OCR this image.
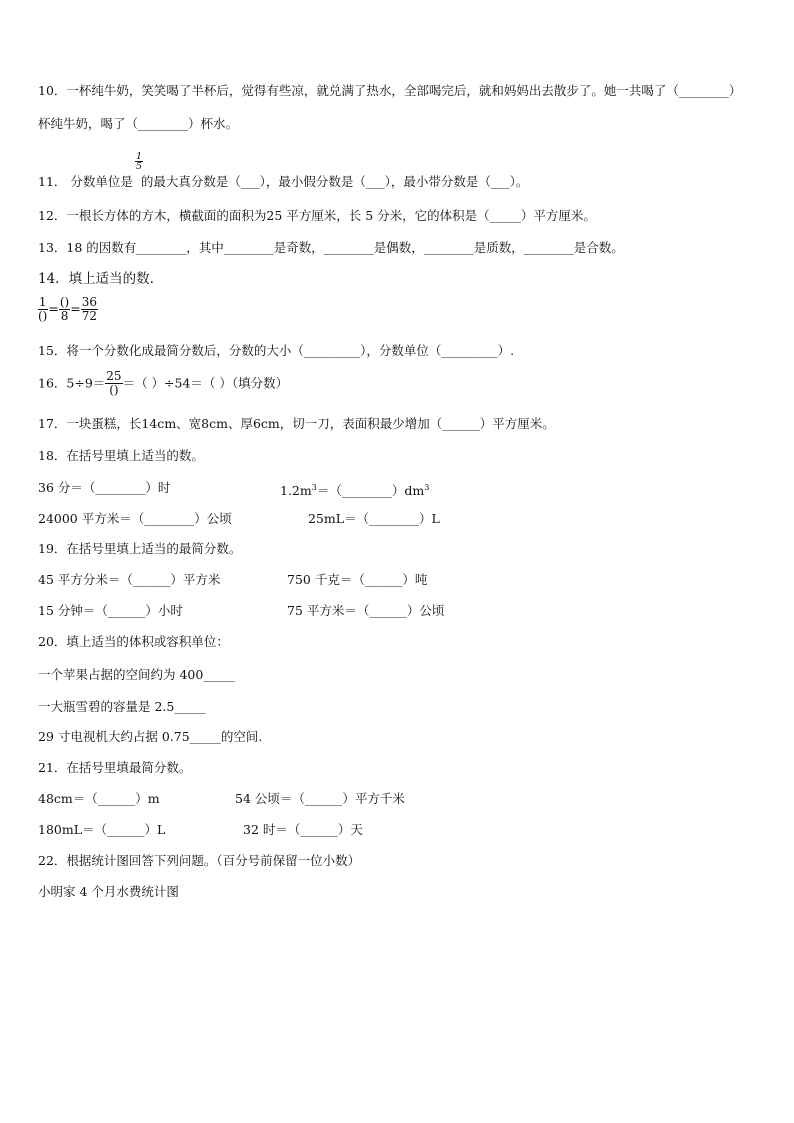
10．一杯纯牛奶，笑笑喝了半杯后，觉得有些凉，就兑满了热水，全部喝完后，就和妈妈出去散步了。她一共喝了（________）
杯纯牛奶，喝了（________）杯水。
$\frac{1}{5}$
11． 分数单位是 的最大真分数是（___），最小假分数是（___），最小带分数是（___）。
12．一根长方体的方木，横截面的面积为25 平方厘米，长 5 分米，它的体积是（_____）平方厘米。
13．18 的因数有________，其中________是奇数，________是偶数，________是质数，________是合数。
14．填上适当的数.
$\frac{1}{()} = \frac{()}{8} = \frac{36}{72}$
15．将一个分数化成最简分数后，分数的大小（_________），分数单位（_________）.
16．$5\div 9= \frac{25}{()}$ ＝（ ）÷54＝（ ）（填分数）
17．一块蛋糕，长14cm、宽8cm、厚6cm，切一刀，表面积最少增加（______）平方厘米。
18．在括号里填上适当的数。
36 分＝（________）时	$1.2m^3=(\_\_\_\_\_\_\_\_)dm^3$
24000 平方米＝（________）公顷	25mL＝（________）L
19．在括号里填上适当的最简分数。
45 平方分米＝（______）平方米	750 千克＝（______）吨
15 分钟＝（______）小时	75 平方米＝（______）公顷
20．填上适当的体积或容积单位：
一个苹果占据的空间约为 400_____
一大瓶雪碧的容量是 2.5_____
29 寸电视机大约占据 0.75_____的空间.
21．在括号里填最简分数。
48cm＝（______）m	54 公顷＝（______）平方千米
180mL＝（______）L	32 时＝（______）天
22．根据统计图回答下列问题。（百分号前保留一位小数）
小明家 4 个月水费统计图
